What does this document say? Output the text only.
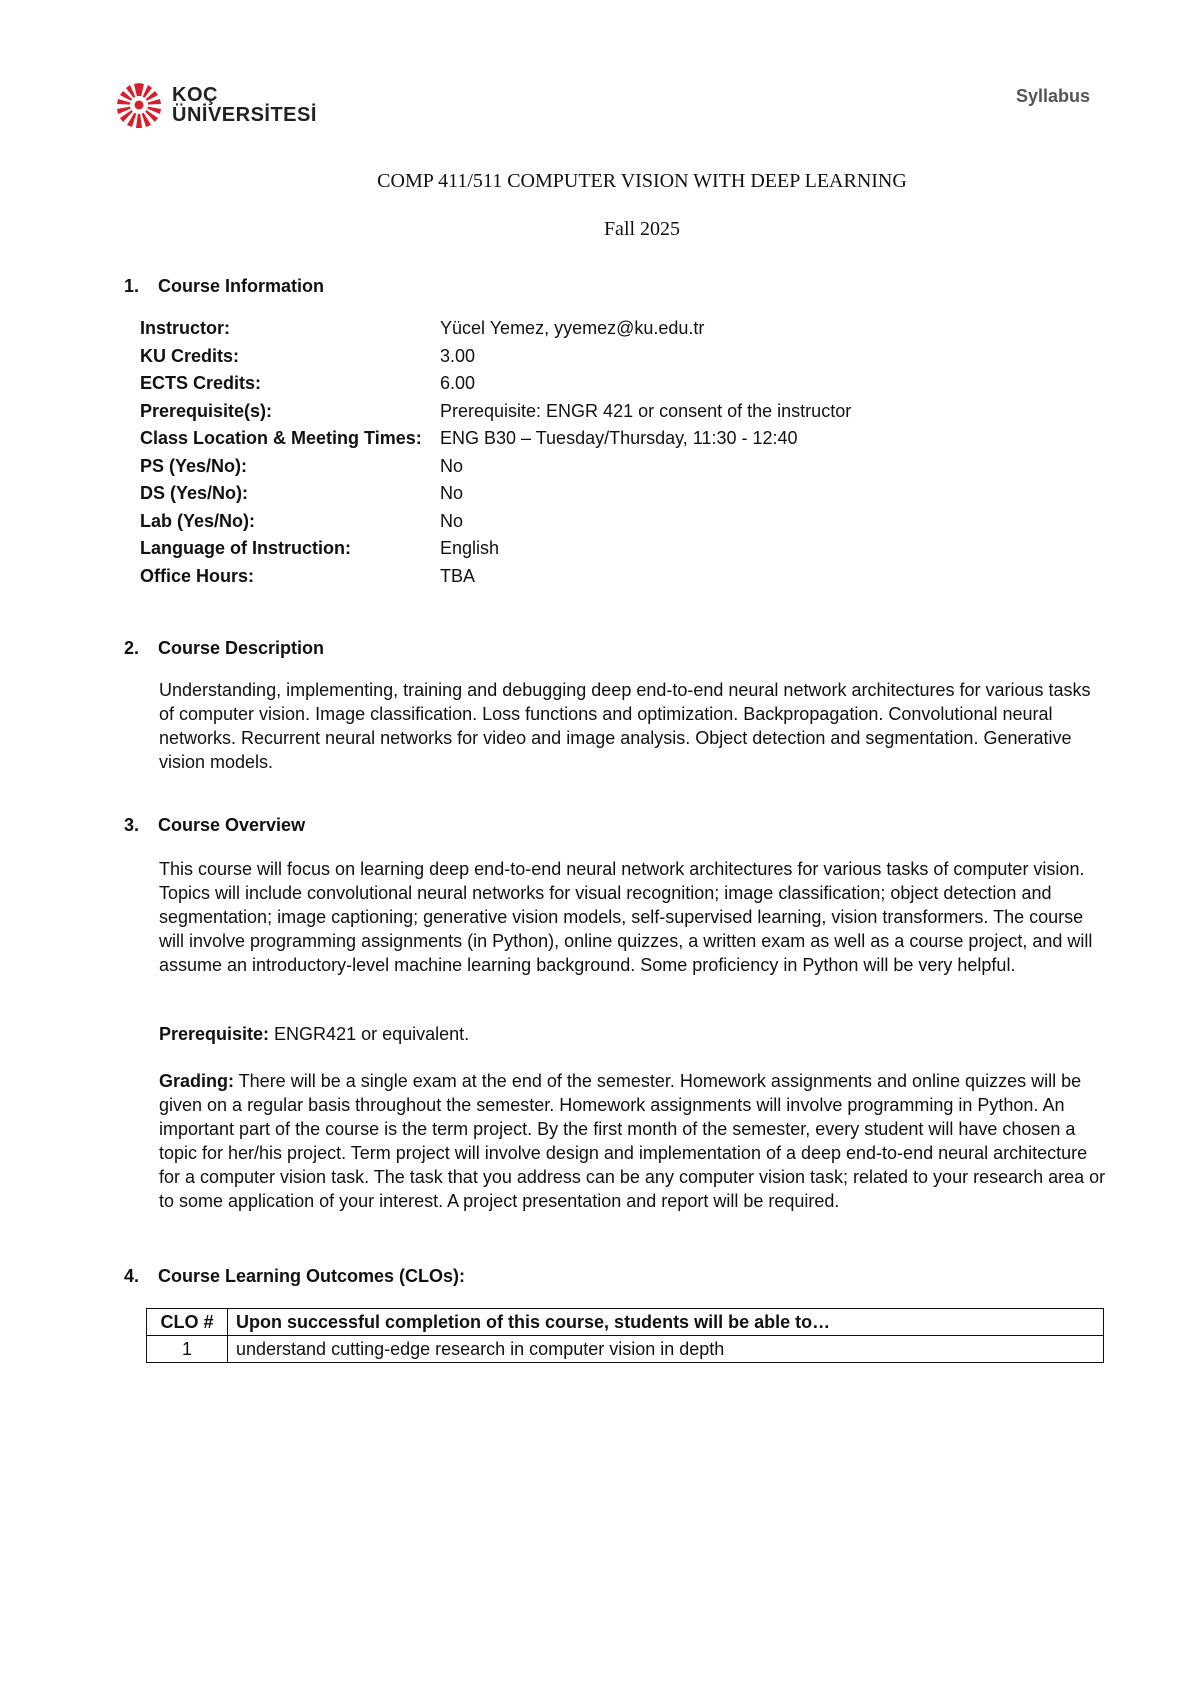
KOÇ
ÜNİVERSİTESİ
Syllabus
COMP 411/511 COMPUTER VISION WITH DEEP LEARNING
Fall 2025
1. Course Information
Instructor:	Yücel Yemez, yyemez@ku.edu.tr
KU Credits:	3.00
ECTS Credits:	6.00
Prerequisite(s):	Prerequisite: ENGR 421 or consent of the instructor
Class Location & Meeting Times:	ENG B30 – Tuesday/Thursday, 11:30 - 12:40
PS (Yes/No):	No
DS (Yes/No):	No
Lab (Yes/No):	No
Language of Instruction:	English
Office Hours:	TBA
2. Course Description
Understanding, implementing, training and debugging deep end-to-end neural network architectures for various tasks of computer vision. Image classification. Loss functions and optimization. Backpropagation. Convolutional neural networks. Recurrent neural networks for video and image analysis. Object detection and segmentation. Generative vision models.
3. Course Overview
This course will focus on learning deep end-to-end neural network architectures for various tasks of computer vision. Topics will include convolutional neural networks for visual recognition; image classification; object detection and segmentation; image captioning; generative vision models, self-supervised learning, vision transformers. The course will involve programming assignments (in Python), online quizzes, a written exam as well as a course project, and will assume an introductory-level machine learning background. Some proficiency in Python will be very helpful.
Prerequisite: ENGR421 or equivalent.
Grading: There will be a single exam at the end of the semester. Homework assignments and online quizzes will be given on a regular basis throughout the semester. Homework assignments will involve programming in Python. An important part of the course is the term project. By the first month of the semester, every student will have chosen a topic for her/his project. Term project will involve design and implementation of a deep end-to-end neural architecture for a computer vision task. The task that you address can be any computer vision task; related to your research area or to some application of your interest. A project presentation and report will be required.
4. Course Learning Outcomes (CLOs):
CLO #	Upon successful completion of this course, students will be able to…
1	understand cutting-edge research in computer vision in depth
